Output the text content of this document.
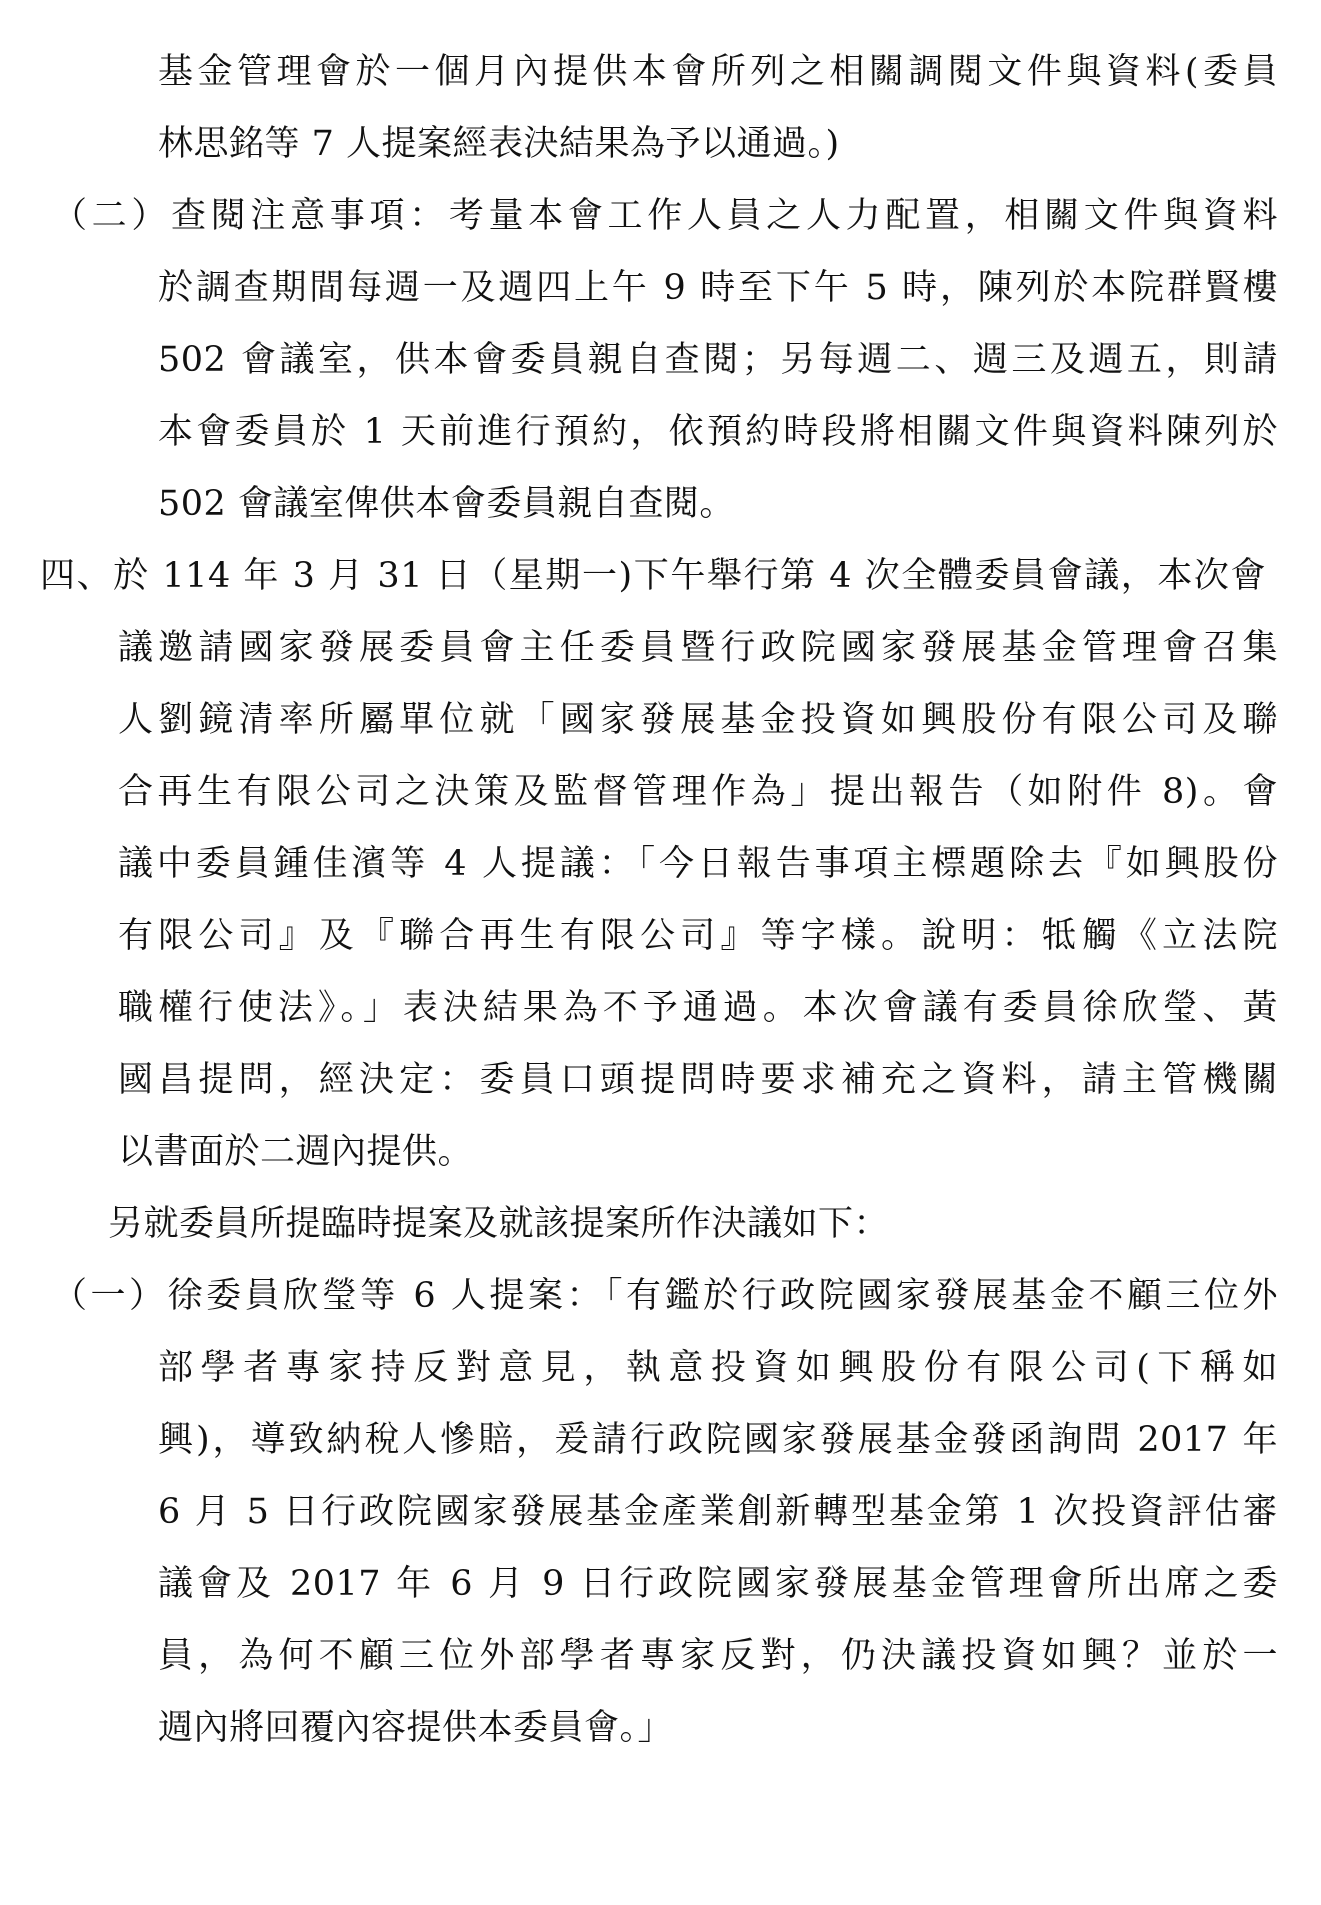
基金管理會於一個月內提供本會所列之相關調閱文件與資料(委員
林思銘等 7 人提案經表決結果為予以通過。)
（二）查閱注意事項：考量本會工作人員之人力配置，相關文件與資料
於調查期間每週一及週四上午 9 時至下午 5 時，陳列於本院群賢樓
502 會議室，供本會委員親自查閱；另每週二、週三及週五，則請
本會委員於 1 天前進行預約，依預約時段將相關文件與資料陳列於
502 會議室俾供本會委員親自查閱。
四、於 114 年 3 月 31 日（星期一)下午舉行第 4 次全體委員會議，本次會
議邀請國家發展委員會主任委員暨行政院國家發展基金管理會召集
人劉鏡清率所屬單位就「國家發展基金投資如興股份有限公司及聯
合再生有限公司之決策及監督管理作為」提出報告（如附件 8)。會
議中委員鍾佳濱等 4 人提議：「今日報告事項主標題除去『如興股份
有限公司』及『聯合再生有限公司』等字樣。說明：牴觸《立法院
職權行使法》。」表決結果為不予通過。本次會議有委員徐欣瑩、黃
國昌提問，經決定：委員口頭提問時要求補充之資料，請主管機關
以書面於二週內提供。
另就委員所提臨時提案及就該提案所作決議如下：
（一）徐委員欣瑩等 6 人提案：「有鑑於行政院國家發展基金不顧三位外
部學者專家持反對意見，執意投資如興股份有限公司(下稱如
興)，導致納稅人慘賠，爰請行政院國家發展基金發函詢問 2017 年
6 月 5 日行政院國家發展基金產業創新轉型基金第 1 次投資評估審
議會及 2017 年 6 月 9 日行政院國家發展基金管理會所出席之委
員，為何不顧三位外部學者專家反對，仍決議投資如興？並於一
週內將回覆內容提供本委員會。」
